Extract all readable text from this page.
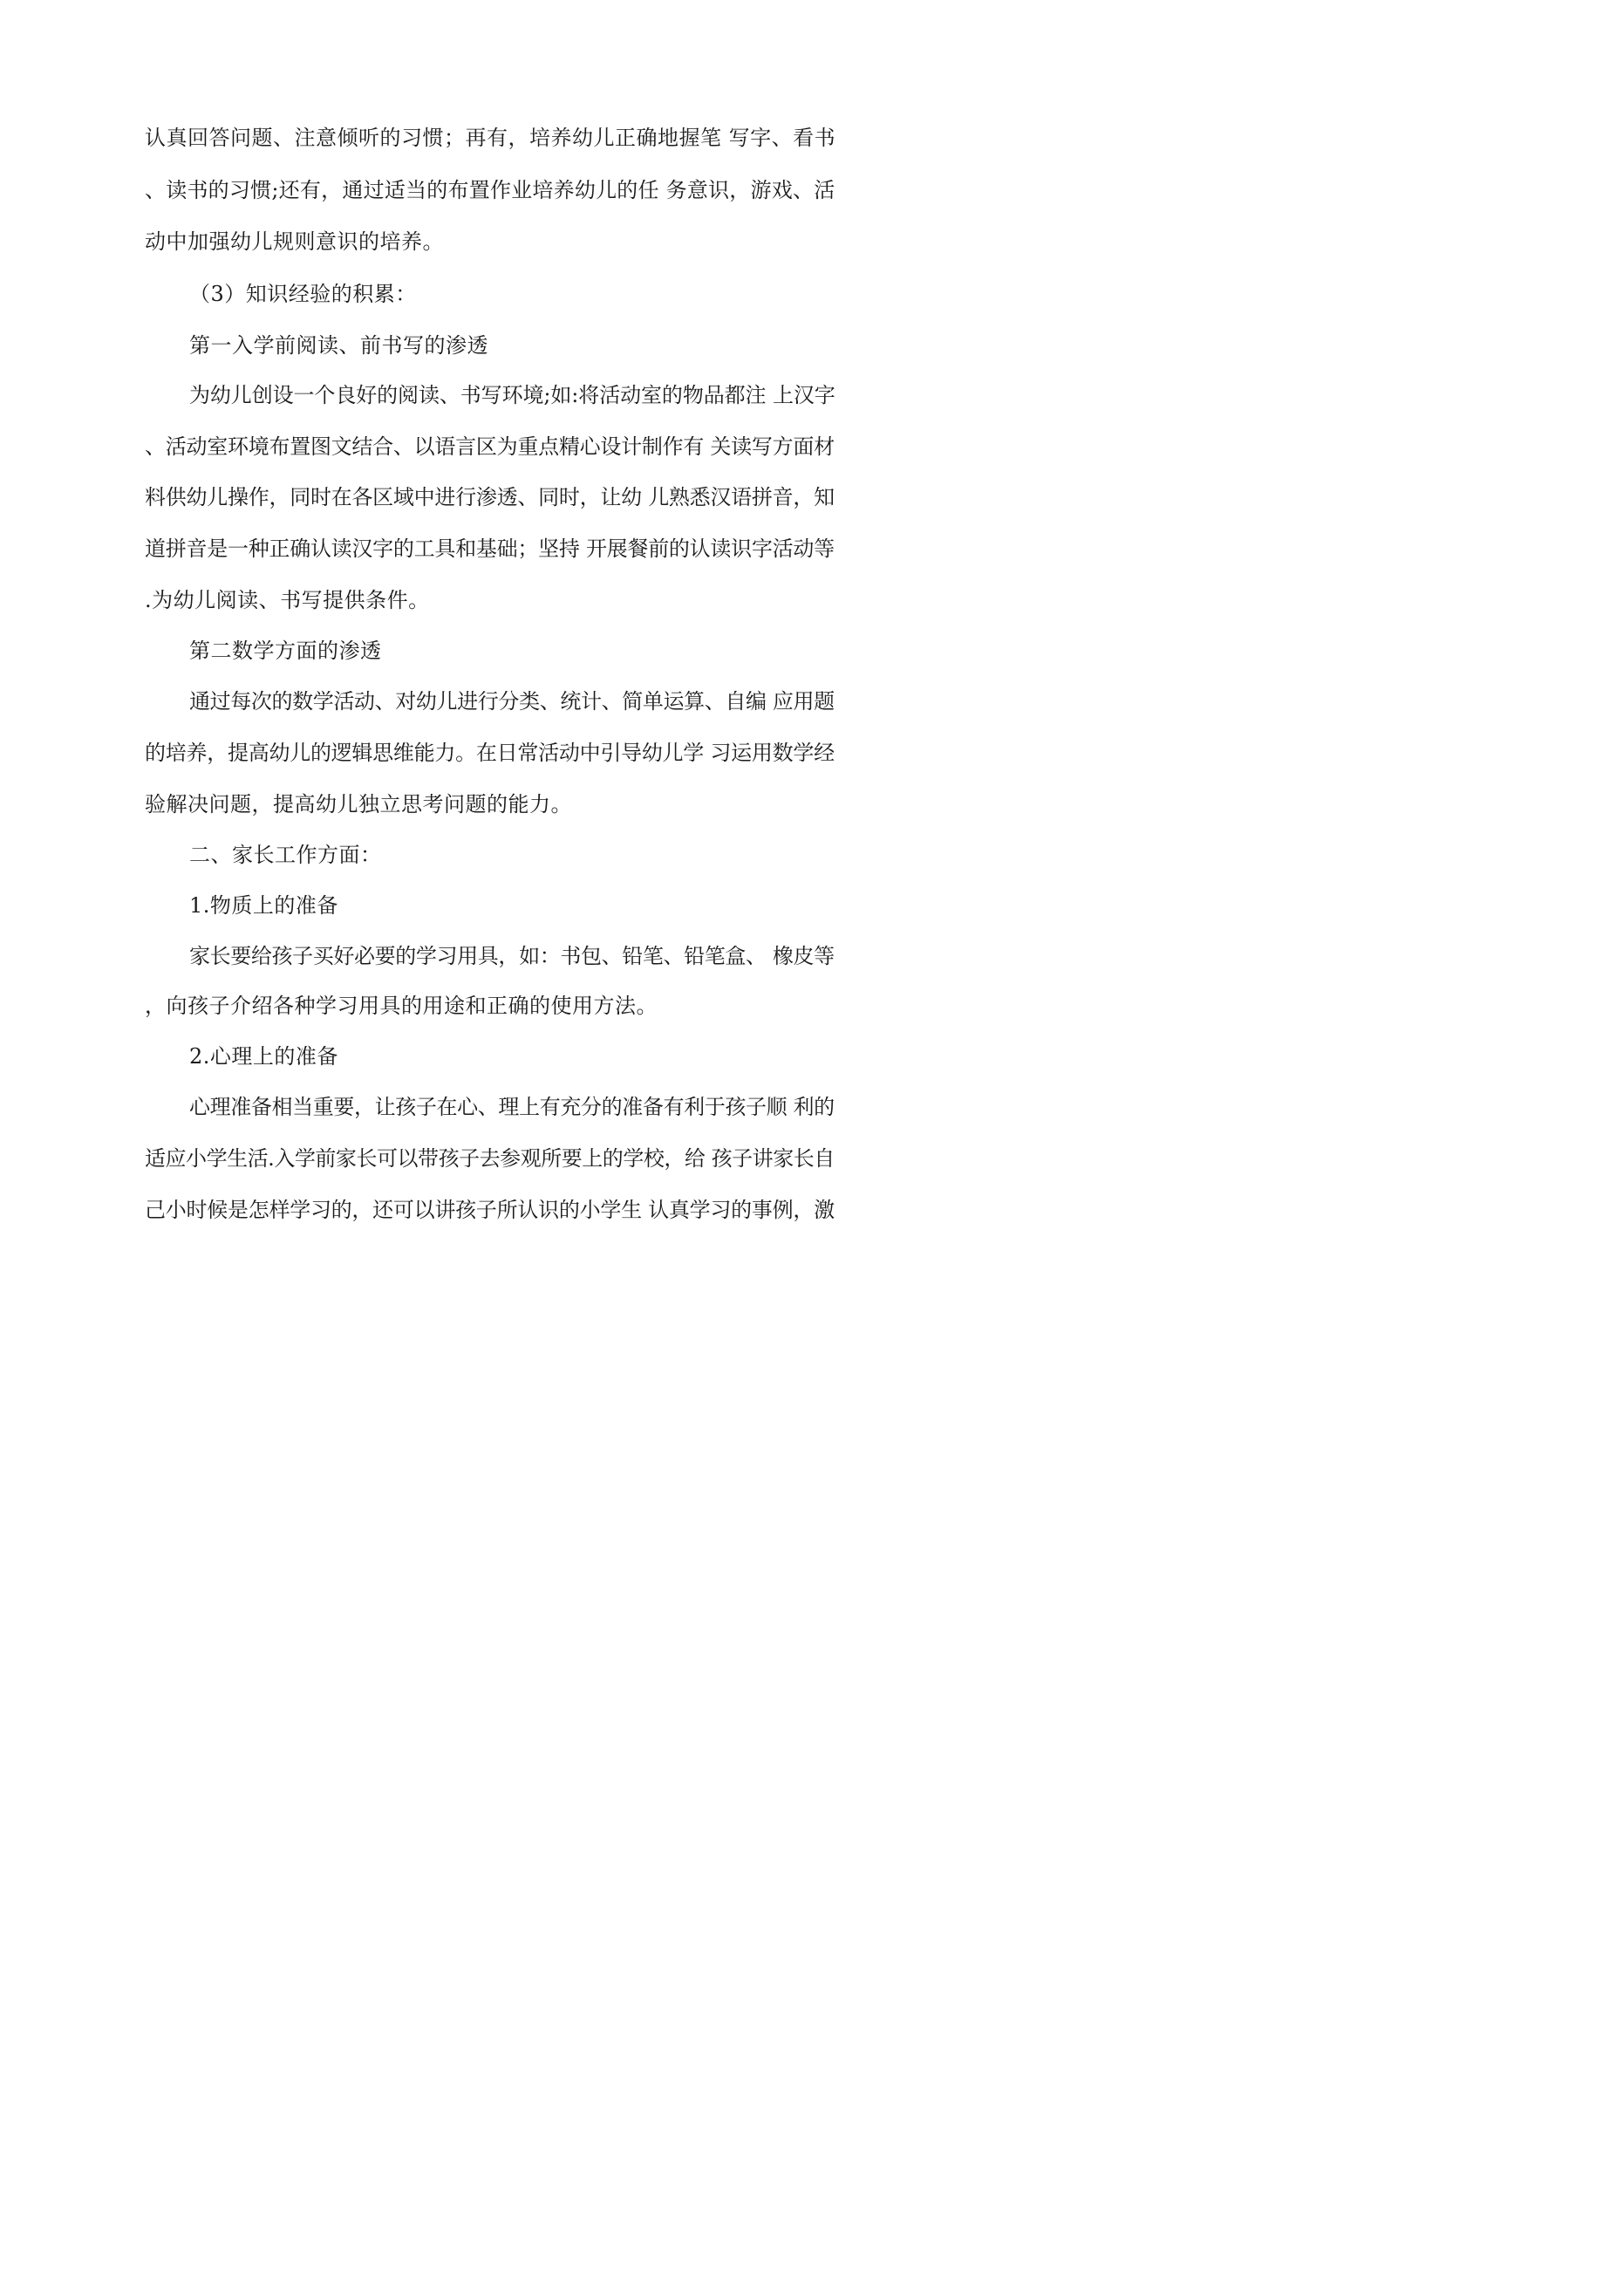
认真回答问题、注意倾听的习惯；再有，培养幼儿正确地握笔 写字、看书
、读书的习惯;还有，通过适当的布置作业培养幼儿的任 务意识，游戏、活
动中加强幼儿规则意识的培养。
（3）知识经验的积累：
第一入学前阅读、前书写的渗透
为幼儿创设一个良好的阅读、书写环境;如:将活动室的物品都注 上汉字
、活动室环境布置图文结合、以语言区为重点精心设计制作有 关读写方面材
料供幼儿操作，同时在各区域中进行渗透、同时，让幼 儿熟悉汉语拼音，知
道拼音是一种正确认读汉字的工具和基础；坚持 开展餐前的认读识字活动等
.为幼儿阅读、书写提供条件。
第二数学方面的渗透
通过每次的数学活动、对幼儿进行分类、统计、简单运算、自编 应用题
的培养，提高幼儿的逻辑思维能力。在日常活动中引导幼儿学 习运用数学经
验解决问题，提高幼儿独立思考问题的能力。
二、家长工作方面：
1.物质上的准备
家长要给孩子买好必要的学习用具，如：书包、铅笔、铅笔盒、 橡皮等
，向孩子介绍各种学习用具的用途和正确的使用方法。
2.心理上的准备
心理准备相当重要，让孩子在心、理上有充分的准备有利于孩子顺 利的
适应小学生活.入学前家长可以带孩子去参观所要上的学校，给 孩子讲家长自
己小时候是怎样学习的，还可以讲孩子所认识的小学生 认真学习的事例，激
